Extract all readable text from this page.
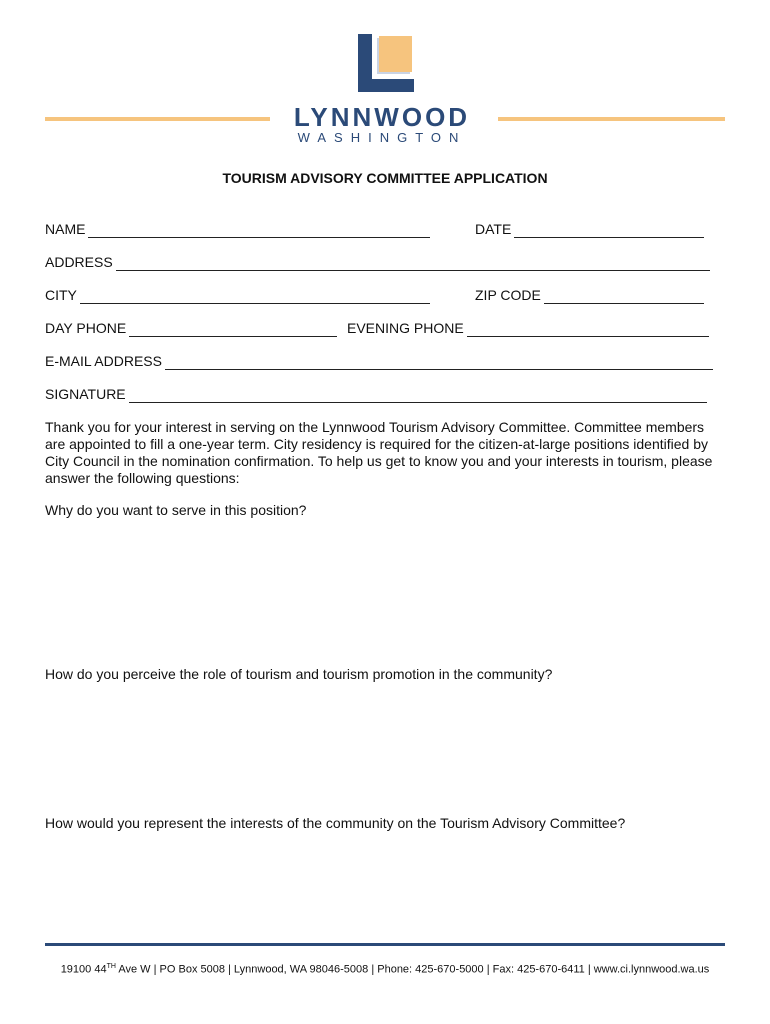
LYNNWOOD
WASHINGTON
TOURISM ADVISORY COMMITTEE APPLICATION
NAME	DATE
ADDRESS
CITY	ZIP CODE
DAY PHONE	EVENING PHONE
E-MAIL ADDRESS
SIGNATURE
Thank you for your interest in serving on the Lynnwood Tourism Advisory Committee. Committee members are appointed to fill a one-year term. City residency is required for the citizen-at-large positions identified by City Council in the nomination confirmation. To help us get to know you and your interests in tourism, please answer the following questions:
Why do you want to serve in this position?
How do you perceive the role of tourism and tourism promotion in the community?
How would you represent the interests of the community on the Tourism Advisory Committee?
19100 44TH Ave W | PO Box 5008 | Lynnwood, WA 98046-5008 | Phone: 425-670-5000 | Fax: 425-670-6411 | www.ci.lynnwood.wa.us
